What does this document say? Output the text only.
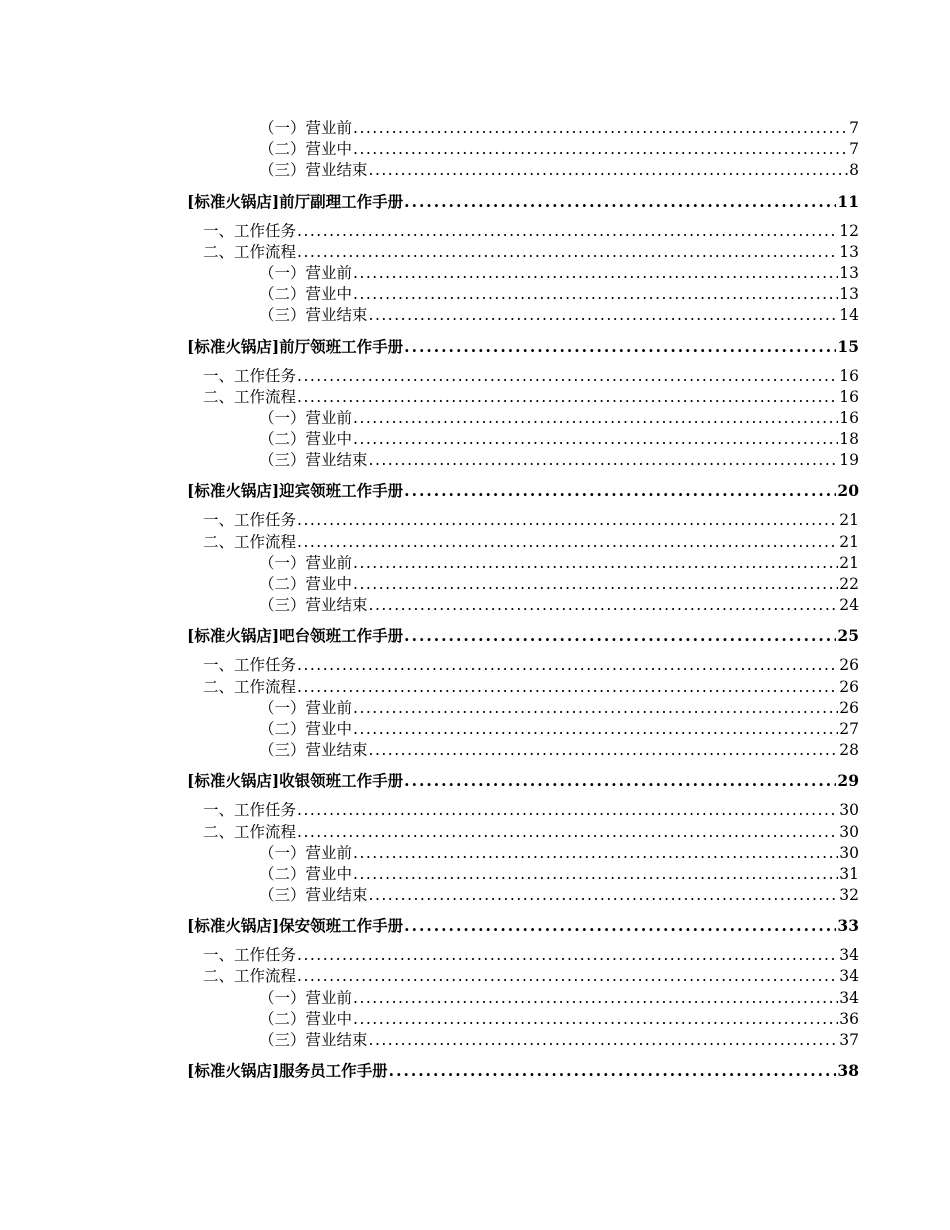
（一）营业前 .....	7
（二）营业中 .....	7
（三）营业结束 .....	8
[标准火锅店]前厅副理工作手册 .....	11
一、工作任务 .....	12
二、工作流程 .....	13
（一）营业前 .....	13
（二）营业中 .....	13
（三）营业结束 .....	14
[标准火锅店]前厅领班工作手册 .....	15
一、工作任务 .....	16
二、工作流程 .....	16
（一）营业前 .....	16
（二）营业中 .....	18
（三）营业结束 .....	19
[标准火锅店]迎宾领班工作手册 .....	20
一、工作任务 .....	21
二、工作流程 .....	21
（一）营业前 .....	21
（二）营业中 .....	22
（三）营业结束 .....	24
[标准火锅店]吧台领班工作手册 .....	25
一、工作任务 .....	26
二、工作流程 .....	26
（一）营业前 .....	26
（二）营业中 .....	27
（三）营业结束 .....	28
[标准火锅店]收银领班工作手册 .....	29
一、工作任务 .....	30
二、工作流程 .....	30
（一）营业前 .....	30
（二）营业中 .....	31
（三）营业结束 .....	32
[标准火锅店]保安领班工作手册 .....	33
一、工作任务 .....	34
二、工作流程 .....	34
（一）营业前 .....	34
（二）营业中 .....	36
（三）营业结束 .....	37
[标准火锅店]服务员工作手册 .....	38
